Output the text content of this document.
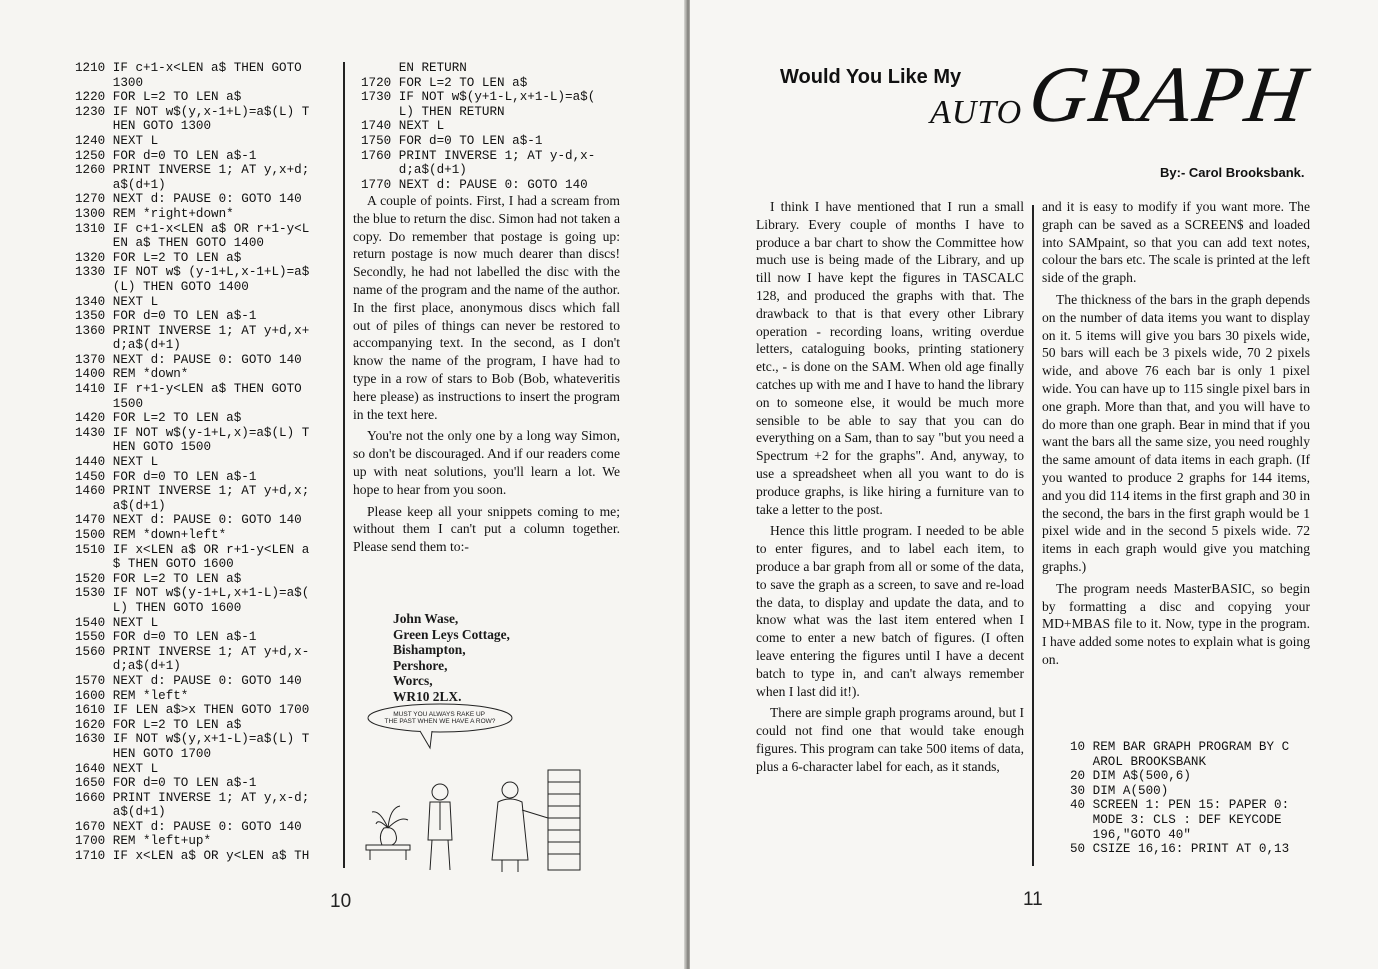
1210 IF c+1-x<LEN a$ THEN GOTO
1300
1220 FOR L=2 TO LEN a$
1230 IF NOT w$(y,x-1+L)=a$(L) T
HEN GOTO 1300
1240 NEXT L
1250 FOR d=0 TO LEN a$-1
1260 PRINT INVERSE 1; AT y,x+d;
a$(d+1)
1270 NEXT d: PAUSE 0: GOTO 140
1300 REM *right+down*
1310 IF c+1-x<LEN a$ OR r+1-y<L
EN a$ THEN GOTO 1400
1320 FOR L=2 TO LEN a$
1330 IF NOT w$ (y-1+L,x-1+L)=a$
(L) THEN GOTO 1400
1340 NEXT L
1350 FOR d=0 TO LEN a$-1
1360 PRINT INVERSE 1; AT y+d,x+
d;a$(d+1)
1370 NEXT d: PAUSE 0: GOTO 140
1400 REM *down*
1410 IF r+1-y<LEN a$ THEN GOTO
1500
1420 FOR L=2 TO LEN a$
1430 IF NOT w$(y-1+L,x)=a$(L) T
HEN GOTO 1500
1440 NEXT L
1450 FOR d=0 TO LEN a$-1
1460 PRINT INVERSE 1; AT y+d,x;
a$(d+1)
1470 NEXT d: PAUSE 0: GOTO 140
1500 REM *down+left*
1510 IF x<LEN a$ OR r+1-y<LEN a
$ THEN GOTO 1600
1520 FOR L=2 TO LEN a$
1530 IF NOT w$(y-1+L,x+1-L)=a$(
L) THEN GOTO 1600
1540 NEXT L
1550 FOR d=0 TO LEN a$-1
1560 PRINT INVERSE 1; AT y+d,x-
d;a$(d+1)
1570 NEXT d: PAUSE 0: GOTO 140
1600 REM *left*
1610 IF LEN a$>x THEN GOTO 1700
1620 FOR L=2 TO LEN a$
1630 IF NOT w$(y,x+1-L)=a$(L) T
HEN GOTO 1700
1640 NEXT L
1650 FOR d=0 TO LEN a$-1
1660 PRINT INVERSE 1; AT y,x-d;
a$(d+1)
1670 NEXT d: PAUSE 0: GOTO 140
1700 REM *left+up*
1710 IF x<LEN a$ OR y<LEN a$ TH
EN RETURN
1720 FOR L=2 TO LEN a$
1730 IF NOT w$(y+1-L,x+1-L)=a$(
L) THEN RETURN
1740 NEXT L
1750 FOR d=0 TO LEN a$-1
1760 PRINT INVERSE 1; AT y-d,x-
d;a$(d+1)
1770 NEXT d: PAUSE 0: GOTO 140

A couple of points. First, I had a scream from the blue to return the disc. Simon had not taken a copy. Do remember that postage is going up: return postage is now much dearer than discs! Secondly, he had not labelled the disc with the name of the program and the name of the author. In the first place, anonymous discs which fall out of piles of things can never be restored to accompanying text. In the second, as I don't know the name of the program, I have had to type in a row of stars to Bob (Bob, whateveritis here please) as instructions to insert the program in the text here.

You're not the only one by a long way Simon, so don't be discouraged. And if our readers come up with neat solutions, you'll learn a lot. We hope to hear from you soon.

Please keep all your snippets coming to me; without them I can't put a column together. Please send them to:-

John Wase,
Green Leys Cottage,
Bishampton,
Pershore,
Worcs,
WR10 2LX.
MUST YOU ALWAYS RAKE UP THE PAST WHEN WE HAVE A ROW?
10
Would You Like My
AUTO GRAPH
By:- Carol Brooksbank.

I think I have mentioned that I run a small Library. Every couple of months I have to produce a bar chart to show the Committee how much use is being made of the Library, and up till now I have kept the figures in TASCALC 128, and produced the graphs with that. The drawback to that is that every other Library operation - recording loans, writing overdue letters, cataloguing books, printing stationery etc., - is done on the SAM. When old age finally catches up with me and I have to hand the library on to someone else, it would be much more sensible to be able to say that you can do everything on a Sam, than to say "but you need a Spectrum +2 for the graphs". And, anyway, to use a spreadsheet when all you want to do is produce graphs, is like hiring a furniture van to take a letter to the post.

Hence this little program. I needed to be able to enter figures, and to label each item, to produce a bar graph from all or some of the data, to save the graph as a screen, to save and re-load the data, to display and update the data, and to know what was the last item entered when I come to enter a new batch of figures. (I often leave entering the figures until I have a decent batch to type in, and can't always remember when I last did it!).

There are simple graph programs around, but I could not find one that would take enough figures. This program can take 500 items of data, plus a 6-character label for each, as it stands,

and it is easy to modify if you want more. The graph can be saved as a SCREEN$ and loaded into SAMpaint, so that you can add text notes, colour the bars etc. The scale is printed at the left side of the graph.

The thickness of the bars in the graph depends on the number of data items you want to display on it. 5 items will give you bars 30 pixels wide, 50 bars will each be 3 pixels wide, 70 2 pixels wide, and above 76 each bar is only 1 pixel wide. You can have up to 115 single pixel bars in one graph. More than that, and you will have to do more than one graph. Bear in mind that if you want the bars all the same size, you need roughly the same amount of data items in each graph. (If you wanted to produce 2 graphs for 144 items, and you did 114 items in the first graph and 30 in the second, the bars in the first graph would be 1 pixel wide and in the second 5 pixels wide. 72 items in each graph would give you matching graphs.)

The program needs MasterBASIC, so begin by formatting a disc and copying your MD+MBAS file to it. Now, type in the program. I have added some notes to explain what is going on.

10 REM BAR GRAPH PROGRAM BY C
AROL BROOKSBANK
20 DIM A$(500,6)
30 DIM A(500)
40 SCREEN 1: PEN 15: PAPER 0:
MODE 3: CLS : DEF KEYCODE
196,"GOTO 40"
50 CSIZE 16,16: PRINT AT 0,13
11
